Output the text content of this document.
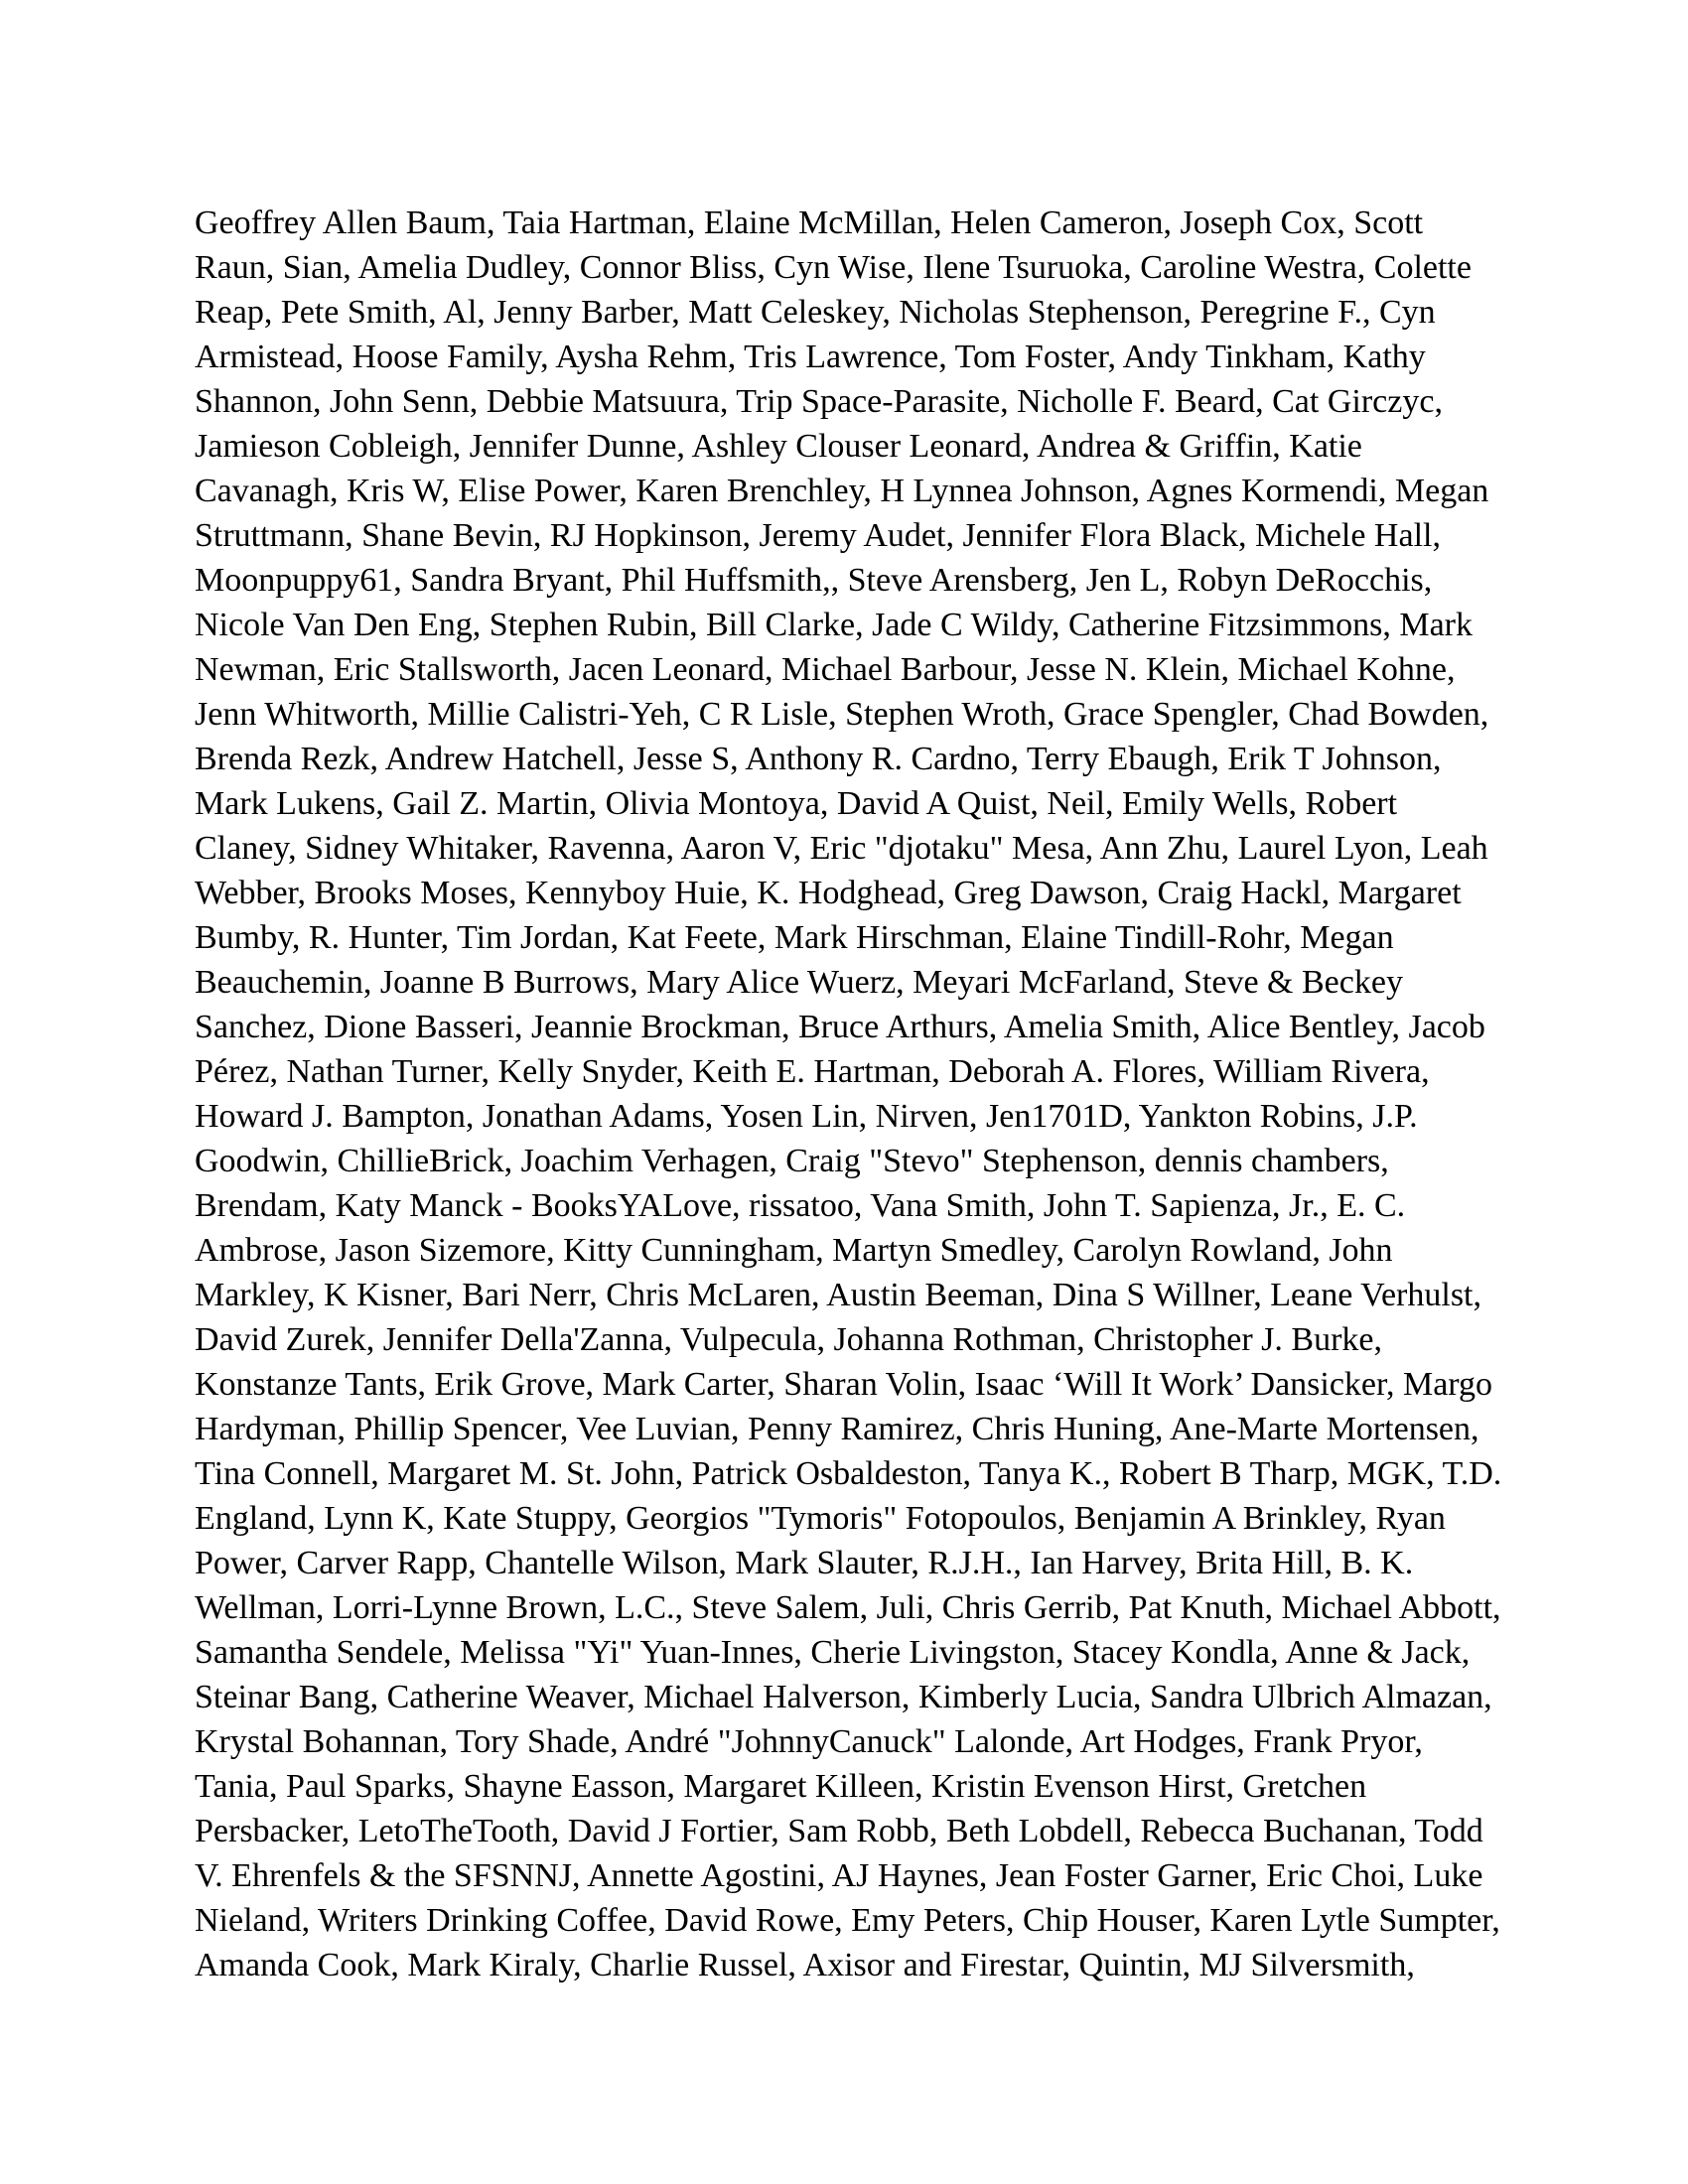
Geoffrey Allen Baum, Taia Hartman, Elaine McMillan, Helen Cameron, Joseph Cox, Scott
Raun, Sian, Amelia Dudley, Connor Bliss, Cyn Wise, Ilene Tsuruoka, Caroline Westra, Colette
Reap, Pete Smith, Al, Jenny Barber, Matt Celeskey, Nicholas Stephenson, Peregrine F., Cyn
Armistead, Hoose Family, Aysha Rehm, Tris Lawrence, Tom Foster, Andy Tinkham, Kathy
Shannon, John Senn, Debbie Matsuura, Trip Space-Parasite, Nicholle F. Beard, Cat Girczyc,
Jamieson Cobleigh, Jennifer Dunne, Ashley Clouser Leonard, Andrea & Griffin, Katie
Cavanagh, Kris W, Elise Power, Karen Brenchley, H Lynnea Johnson, Agnes Kormendi, Megan
Struttmann, Shane Bevin, RJ Hopkinson, Jeremy Audet, Jennifer Flora Black, Michele Hall,
Moonpuppy61, Sandra Bryant, Phil Huffsmith,, Steve Arensberg, Jen L, Robyn DeRocchis,
Nicole Van Den Eng, Stephen Rubin, Bill Clarke, Jade C Wildy, Catherine Fitzsimmons, Mark
Newman, Eric Stallsworth, Jacen Leonard, Michael Barbour, Jesse N. Klein, Michael Kohne,
Jenn Whitworth, Millie Calistri-Yeh, C R Lisle, Stephen Wroth, Grace Spengler, Chad Bowden,
Brenda Rezk, Andrew Hatchell, Jesse S, Anthony R. Cardno, Terry Ebaugh, Erik T Johnson,
Mark Lukens, Gail Z. Martin, Olivia Montoya, David A Quist, Neil, Emily Wells, Robert
Claney, Sidney Whitaker, Ravenna, Aaron V, Eric "djotaku" Mesa, Ann Zhu, Laurel Lyon, Leah
Webber, Brooks Moses, Kennyboy Huie, K. Hodghead, Greg Dawson, Craig Hackl, Margaret
Bumby, R. Hunter, Tim Jordan, Kat Feete, Mark Hirschman, Elaine Tindill-Rohr, Megan
Beauchemin, Joanne B Burrows, Mary Alice Wuerz, Meyari McFarland, Steve & Beckey
Sanchez, Dione Basseri, Jeannie Brockman, Bruce Arthurs, Amelia Smith, Alice Bentley, Jacob
Pérez, Nathan Turner, Kelly Snyder, Keith E. Hartman, Deborah A. Flores, William Rivera,
Howard J. Bampton, Jonathan Adams, Yosen Lin, Nirven, Jen1701D, Yankton Robins, J.P.
Goodwin, ChillieBrick, Joachim Verhagen, Craig "Stevo" Stephenson, dennis chambers,
Brendam, Katy Manck - BooksYALove, rissatoo, Vana Smith, John T. Sapienza, Jr., E. C.
Ambrose, Jason Sizemore, Kitty Cunningham, Martyn Smedley, Carolyn Rowland, John
Markley, K Kisner, Bari Nerr, Chris McLaren, Austin Beeman, Dina S Willner, Leane Verhulst,
David Zurek, Jennifer Della'Zanna, Vulpecula, Johanna Rothman, Christopher J. Burke,
Konstanze Tants, Erik Grove, Mark Carter, Sharan Volin, Isaac ‘Will It Work’ Dansicker, Margo
Hardyman, Phillip Spencer, Vee Luvian, Penny Ramirez, Chris Huning, Ane-Marte Mortensen,
Tina Connell, Margaret M. St. John, Patrick Osbaldeston, Tanya K., Robert B Tharp, MGK, T.D.
England, Lynn K, Kate Stuppy, Georgios "Tymoris" Fotopoulos, Benjamin A Brinkley, Ryan
Power, Carver Rapp, Chantelle Wilson, Mark Slauter, R.J.H., Ian Harvey, Brita Hill, B. K.
Wellman, Lorri-Lynne Brown, L.C., Steve Salem, Juli, Chris Gerrib, Pat Knuth, Michael Abbott,
Samantha Sendele, Melissa "Yi" Yuan-Innes, Cherie Livingston, Stacey Kondla, Anne & Jack,
Steinar Bang, Catherine Weaver, Michael Halverson, Kimberly Lucia, Sandra Ulbrich Almazan,
Krystal Bohannan, Tory Shade, André "JohnnyCanuck" Lalonde, Art Hodges, Frank Pryor,
Tania, Paul Sparks, Shayne Easson, Margaret Killeen, Kristin Evenson Hirst, Gretchen
Persbacker, LetoTheTooth, David J Fortier, Sam Robb, Beth Lobdell, Rebecca Buchanan, Todd
V. Ehrenfels & the SFSNNJ, Annette Agostini, AJ Haynes, Jean Foster Garner, Eric Choi, Luke
Nieland, Writers Drinking Coffee, David Rowe, Emy Peters, Chip Houser, Karen Lytle Sumpter,
Amanda Cook, Mark Kiraly, Charlie Russel, Axisor and Firestar, Quintin, MJ Silversmith,
